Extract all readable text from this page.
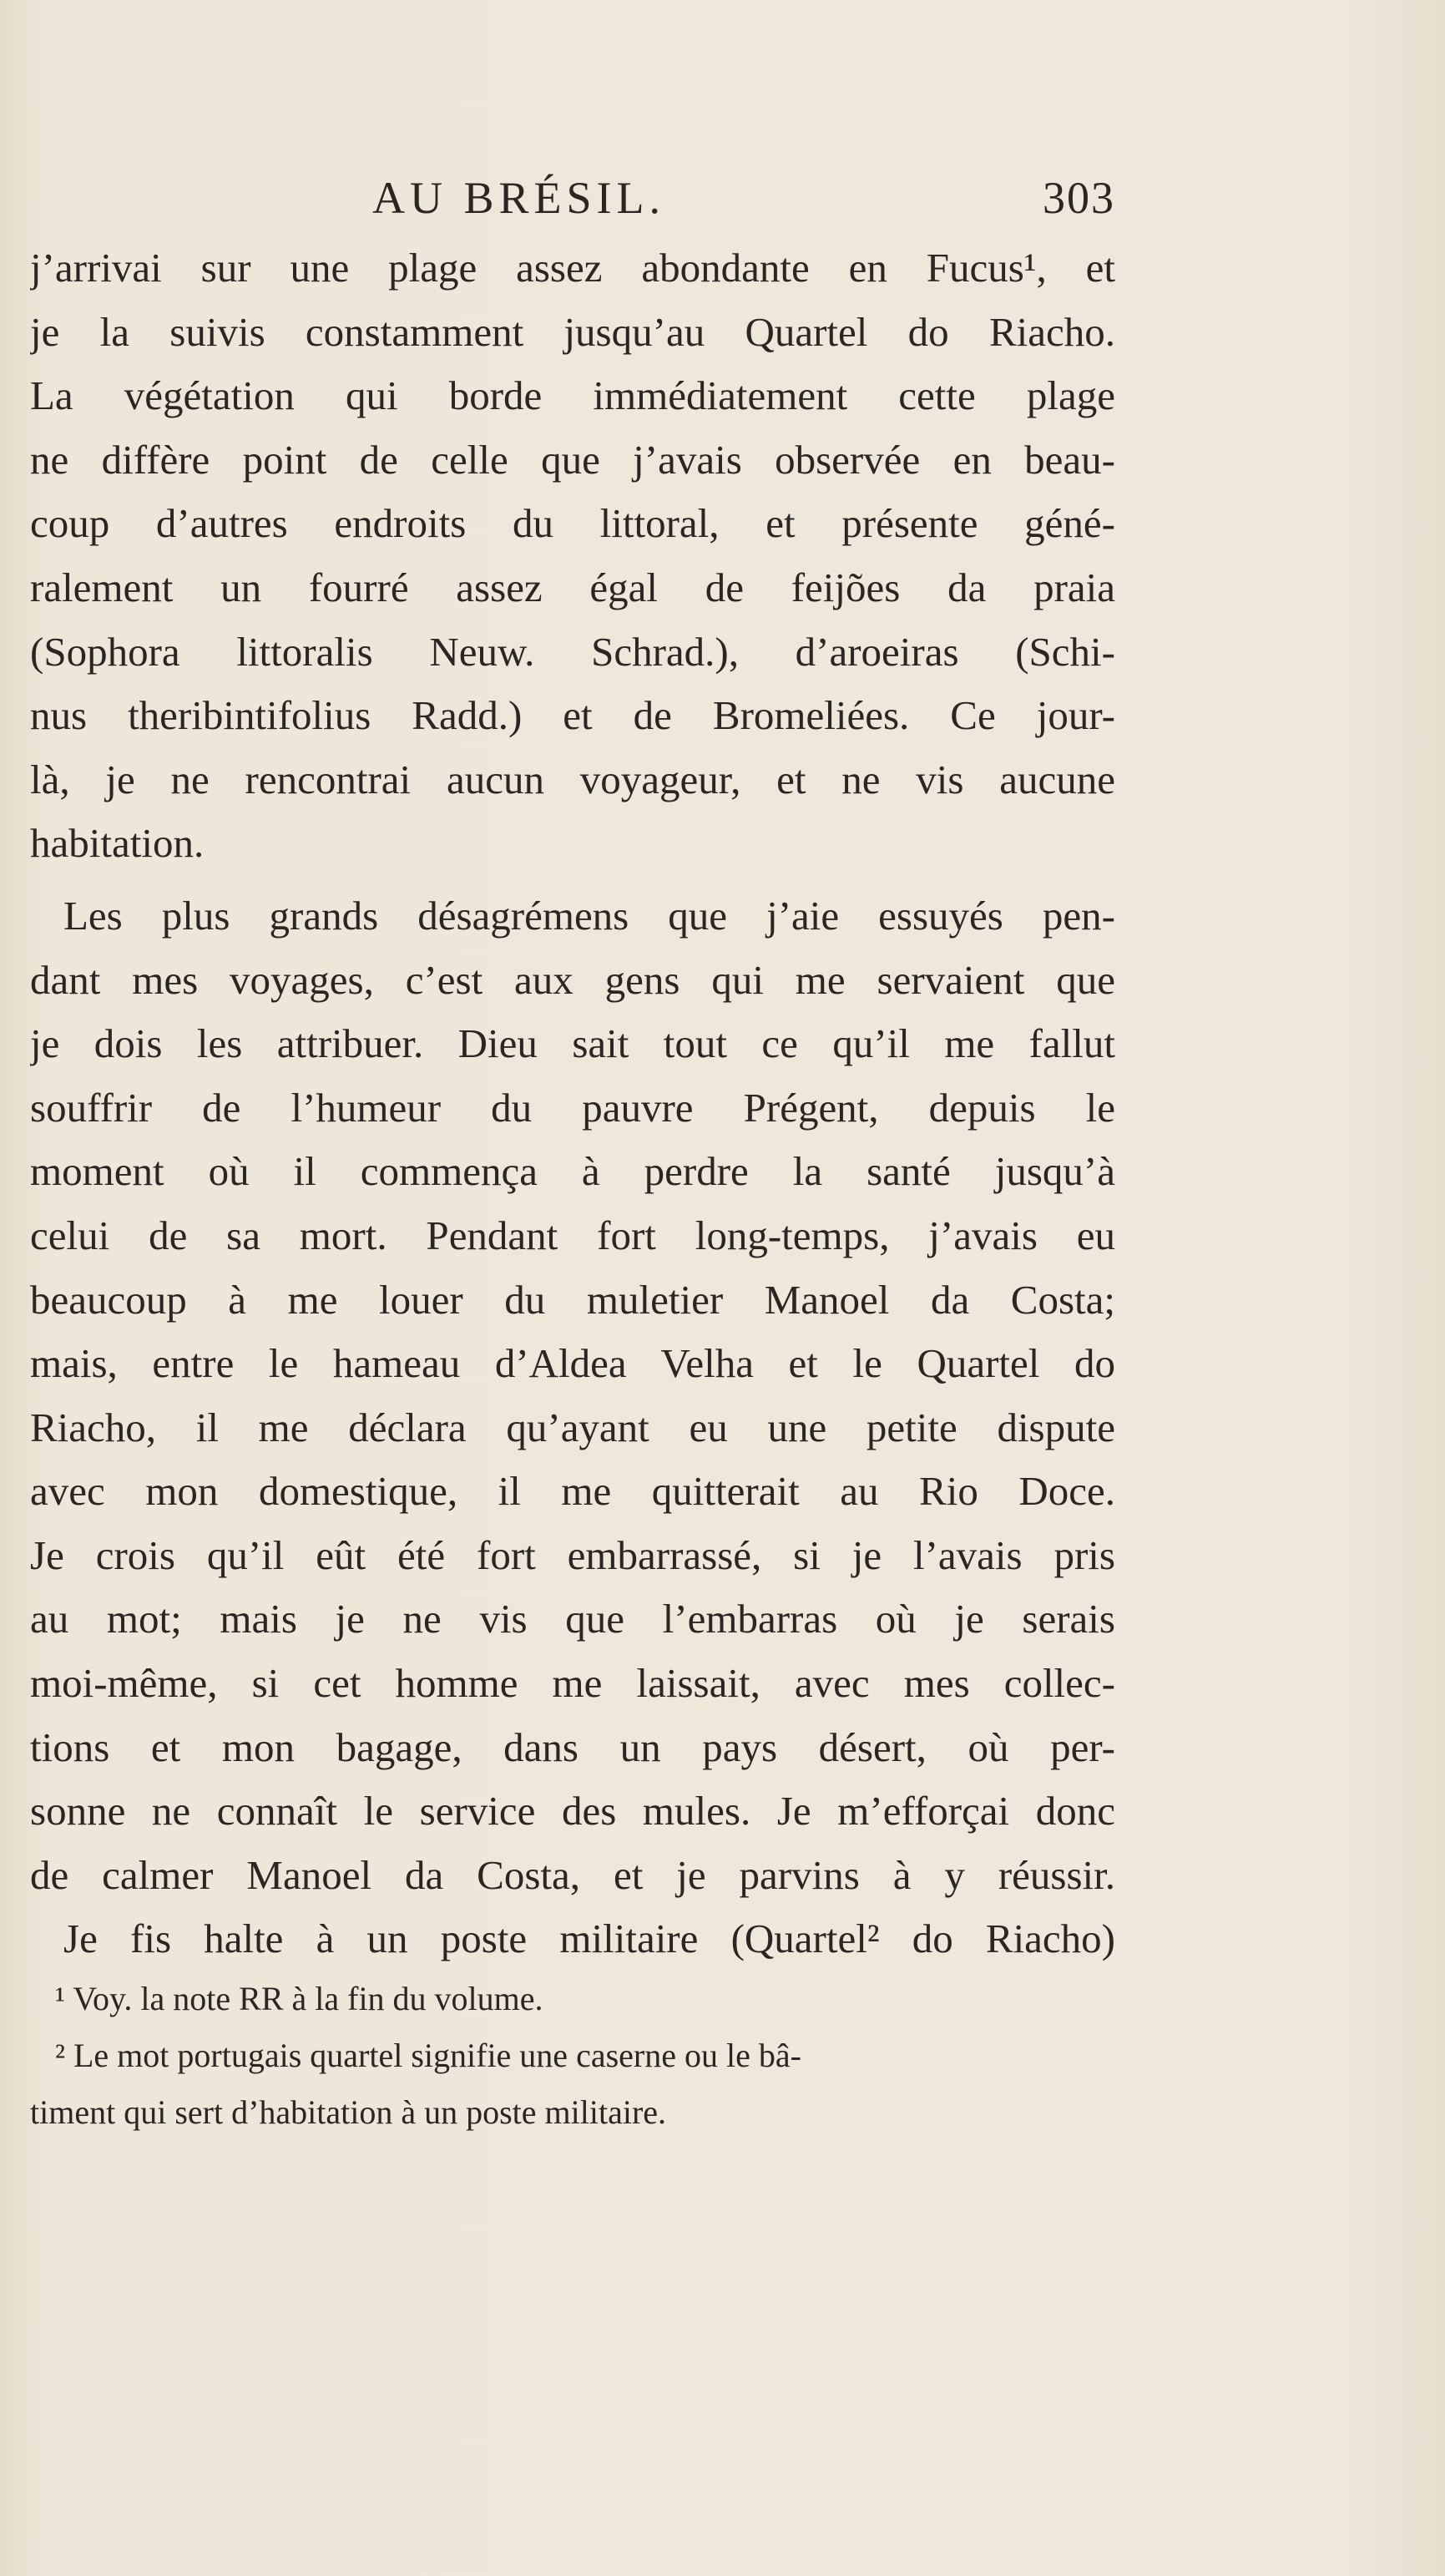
AU BRÉSIL.	303
j’arrivai sur une plage assez abondante en Fucus¹, et
je la suivis constamment jusqu’au Quartel do Riacho.
La végétation qui borde immédiatement cette plage
ne diffère point de celle que j’avais observée en beau-
coup d’autres endroits du littoral, et présente géné-
ralement un fourré assez égal de feijões da praia
(Sophora littoralis Neuw. Schrad.), d’aroeiras (Schi-
nus theribintifolius Radd.) et de Bromeliées. Ce jour-
là, je ne rencontrai aucun voyageur, et ne vis aucune
habitation.
Les plus grands désagrémens que j’aie essuyés pen-
dant mes voyages, c’est aux gens qui me servaient que
je dois les attribuer. Dieu sait tout ce qu’il me fallut
souffrir de l’humeur du pauvre Prégent, depuis le
moment où il commença à perdre la santé jusqu’à
celui de sa mort. Pendant fort long-temps, j’avais eu
beaucoup à me louer du muletier Manoel da Costa;
mais, entre le hameau d’Aldea Velha et le Quartel do
Riacho, il me déclara qu’ayant eu une petite dispute
avec mon domestique, il me quitterait au Rio Doce.
Je crois qu’il eût été fort embarrassé, si je l’avais pris
au mot; mais je ne vis que l’embarras où je serais
moi-même, si cet homme me laissait, avec mes collec-
tions et mon bagage, dans un pays désert, où per-
sonne ne connaît le service des mules. Je m’efforçai donc
de calmer Manoel da Costa, et je parvins à y réussir.
Je fis halte à un poste militaire (Quartel² do Riacho)
¹ Voy. la note RR à la fin du volume.
² Le mot portugais quartel signifie une caserne ou le bâ-
timent qui sert d’habitation à un poste militaire.
